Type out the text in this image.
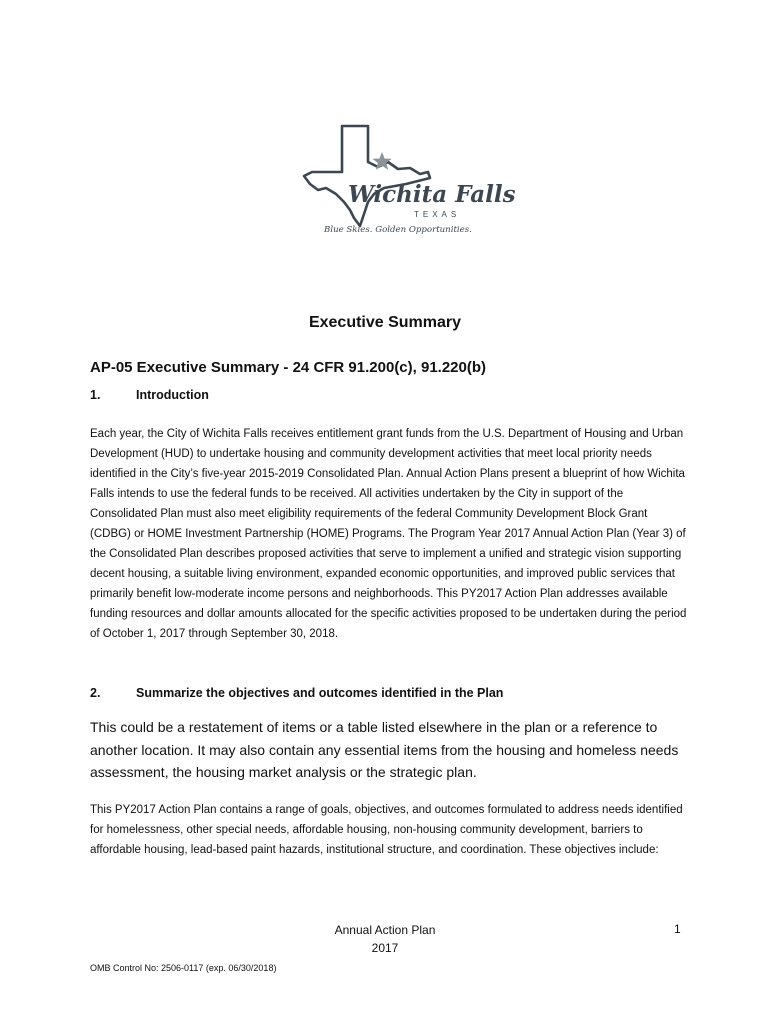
Wichita Falls
TEXAS
Blue Skies. Golden Opportunities.
Executive Summary
AP-05 Executive Summary - 24 CFR 91.200(c), 91.220(b)
1.	Introduction

Each year, the City of Wichita Falls receives entitlement grant funds from the U.S. Department of Housing and Urban Development (HUD) to undertake housing and community development activities that meet local priority needs identified in the City’s five-year 2015-2019 Consolidated Plan. Annual Action Plans present a blueprint of how Wichita Falls intends to use the federal funds to be received. All activities undertaken by the City in support of the Consolidated Plan must also meet eligibility requirements of the federal Community Development Block Grant (CDBG) or HOME Investment Partnership (HOME) Programs. The Program Year 2017 Annual Action Plan (Year 3) of the Consolidated Plan describes proposed activities that serve to implement a unified and strategic vision supporting decent housing, a suitable living environment, expanded economic opportunities, and improved public services that primarily benefit low-moderate income persons and neighborhoods. This PY2017 Action Plan addresses available funding resources and dollar amounts allocated for the specific activities proposed to be undertaken during the period of October 1, 2017 through September 30, 2018.

2.	Summarize the objectives and outcomes identified in the Plan

This could be a restatement of items or a table listed elsewhere in the plan or a reference to another location. It may also contain any essential items from the housing and homeless needs assessment, the housing market analysis or the strategic plan.

This PY2017 Action Plan contains a range of goals, objectives, and outcomes formulated to address needs identified for homelessness, other special needs, affordable housing, non-housing community development, barriers to affordable housing, lead-based paint hazards, institutional structure, and coordination. These objectives include:

Annual Action Plan
2017
1
OMB Control No: 2506-0117 (exp. 06/30/2018)
